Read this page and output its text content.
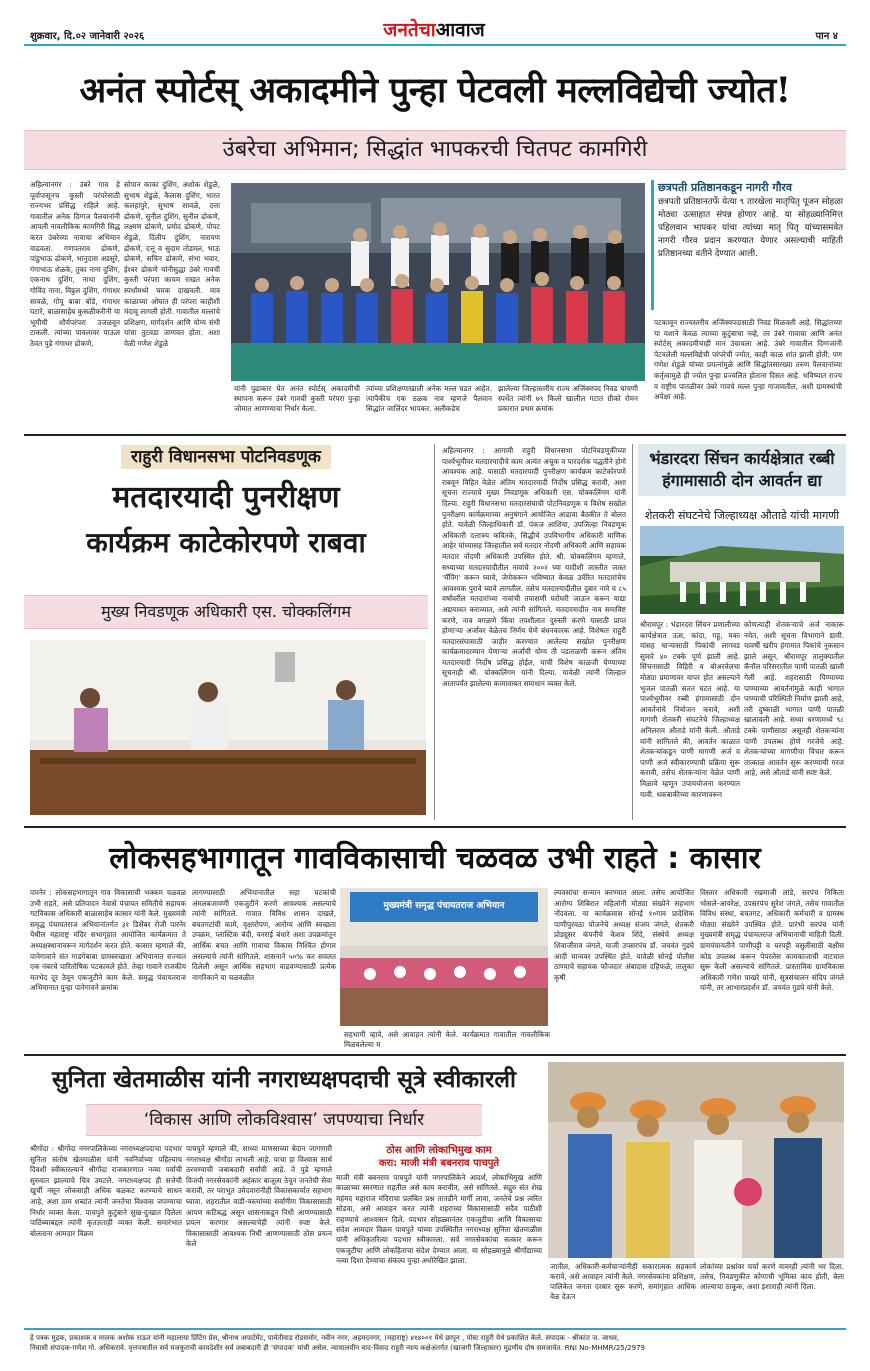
शुक्रवार, दि.०२ जानेवारी २०२६	जनतेचाआवाज	पान ४
अनंत स्पोर्टस् अकादमीने पुन्हा पेटवली मल्लविद्येची ज्योत!
उंबरेचा अभिमान; सिद्धांत भापकरची चितपट कामगिरी
अहिल्यानगर : उंबरे गाव हे पूर्वापासूनच कुस्ती परंपरेसाठी राज्यभर प्रसिद्ध राहिले आहे. गावातील अनेक दिग्गज पैलवानांनी आपली नावलौकिक कामगिरी सिद्ध करत उंबरेच्या नावाचा अभिमान वाढवला. गणपतराव ढोकणे, पांडुभाऊ ढोकणे, भानुदास अडसुरे, गंगाभाऊ शेळके, तुका नाना दुशिंग, एकनाथ दुशिंग, नाथा दुशिंग, गोविंद नाना, विठ्ठल दुशिंग, गंगाधर सावळे, गोपू बाबा बोडे, गंगाधर घटारे, बाळासाहेब कुसळीकरीनी या भूमीची शौर्यपरंपरा उजळवून टाकली. त्यांच्या पावलावर पाऊल ठेवत पुढे गंगाधर ढोकणे,
सोपान काका दुशिंग, अशोक शेडुळे, सुभाष शेडुळे, कैलास दुशिंग, भारत कलहापुरे, सुभाष सावळे, दत्ता ढोकणे, सुनील दुशिंग, सुनील ढोकणे, लक्ष्मण ढोकणे, प्रमोद ढोकणे, पोपट शेडुळे, दिलीप दुशिंग, नारायण ढोकणे, दत्तू व सुदाम तोडमल, भाऊ ढोकणे, सचिन ढोकणे, संभा भवार, ईश्वर ढोकणे यांनीसुद्धा उंबरे गावची कुस्ती परंपरा कायम राखत अनेक स्पर्धांमध्ये चमक दाखवली. मात्र काळाच्या ओघात ही परंपरा काहीशी मंदावू लागली होती. गावातील मल्लांचे प्रशिक्षण, मार्गदर्शन आणि योग्य संधी यांचा तुटवडा जाणवत होता. अशा वेळी गणेश शेडुळे
यांनी पुढाकार घेत अनंत स्पोर्टस् अकादमीची स्थापना करून उंबरे गावची कुस्ती परंपरा पुन्हा जोमात आणण्याचा निर्धार केला.
त्यांच्या प्रशिक्षणाखाली अनेक मल्ल घडत आहेत. त्यापैकीच एक ठळक नाव म्हणजे पैलवान सिद्धांत जालिंदर भापकर. अलीकडेच
झालेल्या जिल्हास्तरीय राज्य अजिंक्यपद निवड चाचणी स्पर्धेत त्यांनी ७९ किलो खालील गटात ग्रीको रोमन प्रकारात प्रथम क्रमांक
छत्रपती प्रतिष्ठानकडून नागरी गौरव
छत्रपती प्रतिष्ठानतर्फे येत्या ९ तारखेला मातृपितृ पूजन सोहळा मोठ्या उत्साहात संपन्न होणार आहे. या सोहळ्यानिमित्त पहिलवान भापकर यांचा त्यांच्या मातृ पितृ यांच्यासमवेत नागरी गौरव प्रदान करण्यात येणार असल्याची माहिती प्रतिष्ठानच्या वतीने देण्यात आली.
पटकावून राज्यस्तरीय अजिंक्यपदासाठी निवड मिळवली आहे. सिद्धांतच्या या यशाने केवळ त्याच्या कुटुंबाचा नव्हे, तर उंबरे गावाचा आणि अनंत स्पोर्टस् अकादमीचाही मान उंचावला आहे. उंबरे गावातील दिग्गजांनी पेटवलेली मल्लविद्येची परंपरेची ज्योत, काही काळ शांत झाली होती; पण गणेश शेडुळे यांच्या प्रयत्नांमुळे आणि सिद्धांतसारख्या तरुण पैलवानांच्या कर्तृत्वामुळे ही ज्योत पुन्हा प्रज्वलित होताना दिसत आहे. भविष्यात राज्य व राष्ट्रीय पातळीवर उंबरे गावचे मल्ल पुन्हा गाजावतील, अशी ग्रामस्थांची अपेक्षा आहे.
राहुरी विधानसभा पोटनिवडणूक
मतदारयादी पुनरीक्षण
कार्यक्रम काटेकोरपणे राबवा
मुख्य निवडणूक अधिकारी एस. चोक्कलिंगम
अहिल्यानगर : आगामी राहुरी विधानसभा पोटनिवडणुकीच्या पार्श्वभूमीवर मतदारयादीचे काम अत्यंत अचूक व पारदर्शक पद्धतीने होणे आवश्यक आहे. यासाठी मतदारयादी पुनरीक्षण कार्यक्रम काटेकोरपणे राबवून विहित वेळेत अंतिम मतदारयादी निर्दोष प्रसिद्ध करावी, अशा सूचना राज्याचे मुख्य निवडणूक अधिकारी एस. चोक्कलिंगम यांनी दिल्या. राहुरी विधानसभा मतदारसंघाची पोटनिवडणूक व विशेष सखोल पुनरीक्षण कार्यक्रमाच्या अनुषंगाने आयोजित आढावा बैठकीत ते बोलत होते. यावेळी जिल्हाधिकारी डॉ. पंकज आशिया, उपजिल्हा निवडणूक अधिकारी दत्तात्रय कवितके, सिद्धीचे उपविभागीय अधिकारी माणिक आहेर यांच्यासह जिल्हातील सर्व मतदार नोंदणी अधिकारी आणि सहायक मतदार नोंदणी अधिकारी उपस्थित होते. श्री. चोक्कलिंगम म्हणाले, सध्याच्या मतदारयादीतील नावांचे २००२ च्या यादीशी जास्तीत जास्त 'मॅपिंग' करून घ्यावे, जेणेकरून भविष्यात केवळ उर्वरित मतदारांचेच आवश्यक पुरावे घ्यावे लागतील. तसेच मतदारयादीतील दुबार नावे व ८५ वर्षांवरील मतदारांच्या नावांची तपासणी घरोघरी जाऊन करून याद्या अद्ययावत कराव्यात, असे त्यांनी सांगितले. मतदारयादीत नाव समाविष्ट करणे, नाव वगळणे किंवा तपशीलात दुरुस्ती करणे यासाठी प्राप्त होणाऱ्या अर्जांवर वेळेतच निर्णय घेणे बंधनकारक आहे. विशेषतः राहुरी मतदारसंघासाठी जाहीर करण्यात आलेल्या सखोल पुनरीक्षण कार्यक्रमादरम्यान येणाऱ्या अर्जांची योग्य ती पडताळणी करून अंतिम मतदारयादी निर्दोष प्रसिद्ध होईल, याची विशेष काळजी घेण्याच्या सूचनाही श्री. चोक्कलिंगम यांनी दिल्या. यावेळी त्यांनी जिल्हात आतापर्यंत झालेल्या कामावाबत समाधान व्यक्त केले.
भंडारदरा सिंचन कार्यक्षेत्रात रब्बी हंगामासाठी दोन आवर्तन द्या
शेतकरी संघटनेचे जिल्हाध्यक्ष औताडे यांची मागणी
श्रीरामपूर : भंडारदरा सिंचन प्रणालीच्या कार्यक्षेत्रात ऊस, कांदा, गहू, मका यांसह चाऱ्यासाठी पिकांची लागवड सुमारे ४० टक्के पूर्ण झाली आहे. सिंचनासाठी विहिरी व बोअरवेलचा मोठ्या प्रमाणावर वापर होत असल्याने भूजल पातळी सतत घटत आहे. या पार्श्वभूमीवर रब्बी हंगामासाठी दोन आवर्तनांचे नियोजन करावे, अशी मागणी शेतकरी संघटनेचे जिल्हाध्यक्ष अनिलराव औताडे यांनी केली. औताडे यांनी सांगितले की, आवर्तन काळात शेतकऱ्यांकडून पाणी मागणी अर्ज व पाणी अर्ज स्वीकारण्याची प्रक्रिया सुरू करावी, तसेच शेतकऱ्यांना वेळेत पाणी मिळावे म्हणून उपाययोजना करण्यात यावी. थकबाकीच्या कारणावरून
कोणत्याही शेतकऱ्याचे अर्ज नाकारू नयेत, अशी सूचना विभागाने द्यावी. यावर्षी खरीप हंगामात पिकांचे नुकसान झाले असून, श्रीरामपूर तालुक्यातील कॅनॉल परिसरातील पाणी पातळी खाली गेली आहे. शहरासाठी पिण्याच्या पाण्याच्या आवर्तनांमुळे काही भागात पाण्याची परिस्थिती निर्माण झाली आहे, तरी दुष्काळी भागात पाणी पातळी खालावली आहे. सध्या धरणामध्ये ९८ टक्के पाणीसाठा असूनही शेतकऱ्यांना पाणी उपलब्ध होणे गरजेचे आहे. शेतकऱ्यांच्या मागणीचा विचार करून तात्काळ आवर्तन सुरू करण्याची गरज आहे, असे औताडे यांनी स्पष्ट केले.
लोकसहभागातून गावविकासाची चळवळ उभी राहते : कासार
पारनेर : लोकसहभागातून गाव विकासाची भक्कम चळवळ उभी राहते, असे प्रतिपादन नेवासे पंचायत समितीचे सहायक गटविकास अधिकारी बाळासाहेब कासार यांनी केले. मुख्यमंत्री समृद्ध पंचायतराज अभियानांतर्गत ३१ डिसेंबर रोजी पारनेर येथील महाराष्ट्र मंदिर सभागृहात आयोजित कार्यक्रमात ते अध्यक्षस्थानावरून मार्गदर्शन करत होते. कासार म्हणाले की, पानेगावाने संत गाडगेबाबा ग्रामस्वच्छता अभियानात राज्यात एक नंबरचे पारितोषिक पटकावले होते. तेव्हा गावाने राजकीय मतभेद दूर ठेवून एकजुटीने काम केले. समृद्ध पंचायतराज अभियानात पुन्हा पानेगावने क्रमांक
लागण्यासाठी अभियानातील सहा घटकांची अंमलबजावणी एकजुटीने करणे आवश्यक असल्याचे त्यांनी सांगितले. गावात विविध शासन दाखले, बचतगटांची कामे, वृक्षारोपण, आरोग्य आणि स्वच्छता उपक्रम, प्लास्टिक बंदी, वनराई बंधारे अशा उपक्रमांतून आर्थिक बचत आणि गावाचा विकास निश्चित होणार असल्याचे त्यांनी सांगितले. शासनाने ५०% कर सवलत दिलेली असून आर्थिक सहभाग वाढवण्यासाठी प्रत्येक नागरिकाने या चळवळीत
मुख्यमंत्री समृद्ध पंचायतराज अभियान
सहभागी व्हावे, असे आवाहन त्यांनी केले. कार्यक्रमात गावातील नावलौकिक मिळवलेल्या म
ल्यवसांचा सन्मान करण्यात आला. तसेच आयोजित आरोग्य शिबिरात महिलांनी मोठ्या संख्येने सहभाग नोंदवला. या कार्यक्रमास सोनई १०गाव प्रादेशिक पाणीपुरवठा योजनेचे अध्यक्ष संजय जंगले, शेतकरी प्रोड्यूसर कंपनीचे केशव शिंदे, संस्थेचे अध्यक्ष शिवाजीराव जंगले, माजी उपसरपंच डॉ. जयवंत गुडघे आदी मान्यवर उपस्थित होते. यावेळी सोनई पोलीस ठाण्याचे सहायक फौजदार अंबादास दहिफळे, तालुका कृषी
विस्तार अधिकारी रखमाजी लांडे, सरपंच निकिता भोसले-आयरेक्ष, उपसरपंच सुरेश जंगले, तसेच गावातील विविध संस्था, बचतगट, अधिकारी कर्मचारी व ग्रामस्थ मोठ्या संख्येने उपस्थित होते. प्रारंभी सरपंच यांनी मुख्यमंत्री समृद्ध पंचायतराज अभियानाची माहिती दिली. ग्रामपंचायतीने पाणीपट्टी व घरपट्टी वसुलीसाठी बक्षीस कोड उपलब्ध करून पेपरलेस कामकाजाची वाटचाल सुरू केली असल्याचे सांगितले. प्रास्ताविक ग्रामविकास अधिकारी गणेश पाखरे यांनी, सूत्रसंचालन संदिप जंगले यांनी, तर आभारप्रदर्शन डॉ. जयवंत गुडघे यांनी केले.
सुनिता खेतमाळीस यांनी नगराध्यक्षपदाची सूत्रे स्वीकारली
‘विकास आणि लोकविश्वास’ जपण्याचा निर्धार
श्रीगोंदा : श्रीगोंदा नगरपालिकेच्या नगराध्यक्षपदाचा पदभार सुनिता संतोष खेतमाळीस यांनी नवनिर्वाच्या पहिल्याच दिवशी स्वीकारल्याने श्रीगोंदा राजकारणात नव्या पर्वाची सुरुवात झाल्याचे चित्र उमटले. नगराध्यक्षपद ही सत्तेची खुर्ची नसून लोकसाही अधिक बळकट करण्याचे साधन आहे, अशा ठाम शब्दांत त्यांनी जनतेचा विश्वास जपण्याचा निर्धार व्यक्त केला. पाचपुते कुटुंबाने सुख-दुःखात दिलेला पाठिंब्याबद्दल त्यांनी कृतज्ञताही व्यक्त केली. समारंभात बोलताना आमदार विक्रम
पाचपुते म्हणाले की, साध्या माणसाच्या बेदान जागणारी नगराध्यक्ष श्रीगोंदा लाभली आहे. याचा हा विश्वास सार्थ ठरवण्याची जबाबदारी सर्वांची आहे. ते पुढे म्हणाले विजयी नगरसेवकांनी अहंकार बाजूला ठेवून जनतेची सेवा करावी, तर पराभूत उमेदवारांनीही विकासकार्यात सहभाग घ्यावा. शहरातील वाडी-वस्त्यांच्या सर्वांगीण विकासासाठी आपण कटिबद्ध असून शासनाकडून निधी आणण्यासाठी प्रयत्न करणार असल्याचेही त्यांनी स्पष्ट केले. विकासासाठी आवश्यक निधी आणण्यासाठी ठोस प्रयत्न केले
ठोस आणि लोकाभिमुख काम
करा: माजी मंत्री बबनराव पाचपुते
माजी मंत्री बबनराव पाचपुते यांनी नगरपालिकेने आदर्श, लोकाभिमुख आणि काळाच्या स्मरणात राहतील असे काम करावीत, असे सांगितले. सद्गुरु संत शेख महंमद महाराज मंदिराचा प्रलंबित प्रश्न तातडीने मार्गी लावा, जनतेचे प्रश्न त्वरित सोडवा, असे आवाहन करत त्यांनी शहराच्या विकासासाठी सदैव पाठीशी राहण्याचे आश्वासन दिले. पदभार सोहळ्यानंतर एकजुटीचा आणि विकासाचा संदेश आमदार विक्रम पाचपुते यांच्या उपस्थितीत नगराध्यक्ष सुनिता खेतमाळीस यांनी अधिकृतरित्या पदभार स्वीकारला. सर्व नगरसेवकांचा सत्कार करून एकजुटीचा आणि लोकहिताचा संदेश देण्यात आला. या सोहळ्यानुळे श्रीगोंद्याच्या नव्या दिशा देण्याचा संकल्प पुन्हा अधोरेखित झाला.
जातील, अधिकारी-कर्मचाऱ्यांनीही सकारात्मक सहकार्य करावे, असे आवाहन त्यांनी केले. नगरसेवकांना प्रशिक्षण, पालिकेत जनता दरबार सुरू करणे, समांगृहात आधिक वेळ देऊन
लोकांच्या प्रश्नांवर चर्चा करणे यावरही त्यांनी भर दिला. तसेच, निवडणुकीत कोणाची भूमिका काय होती, बेला आल्याचा ठाकूक, अशा इशाराही त्यांनी दिला.
हे पत्रक मुद्रक, प्रकाशक व मालक अशोक राऊत यांनी महालाया प्रिंटिंग प्रेस, श्रीनाथ अपार्टमेंट, पार्वतीवाड रोडसमोर, नवीन नगर, अहमदनगर, (महाराष्ट्र) ४१४००१ येथे छापून , पोस्ट राहुरी येथे प्रकाशित केले. संपादक - श्रीकांत ज. जाधव,
निवासी संपादक-गणेश गो. अधिकरावे. वृत्तपत्रातील सर्व मजकुराची कायदेशीर सर्व जबाबदारी ही ‘संपादक’ यांची असेल. न्यायालयीन वाद-विवाद राहुरी न्याय कक्षेअंतर्गत (खाजगी जिल्हास्तर) मुद्रणीय दोष समजावेत. RNI No-MHMR/25/2979
